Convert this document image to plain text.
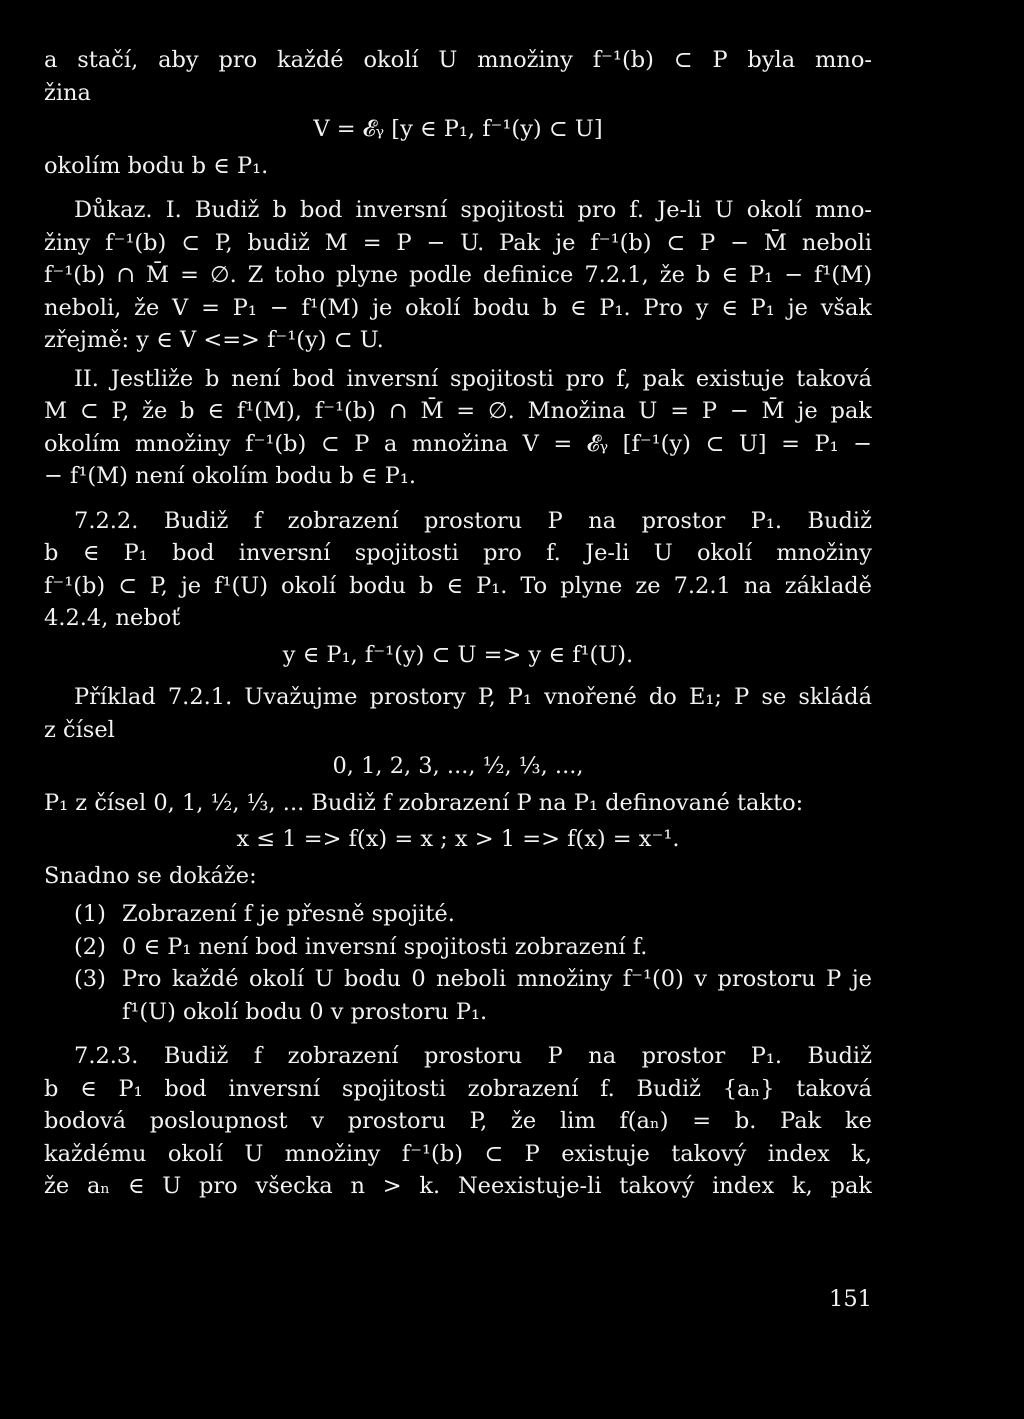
a stačí, aby pro každé okolí U množiny f⁻¹(b) ⊂ P byla mno-
žina
V = 𝓔ᵧ [y ∈ P₁, f⁻¹(y) ⊂ U]
okolím bodu b ∈ P₁.
Důkaz. I. Budiž b bod inversní spojitosti pro f. Je-li U okolí mno-
žiny f⁻¹(b) ⊂ P, budiž M = P − U. Pak je f⁻¹(b) ⊂ P − M̄ neboli
f⁻¹(b) ∩ M̄ = ∅. Z toho plyne podle definice 7.2.1, že b ∈ P₁ − f¹(M)
neboli, že V = P₁ − f¹(M) je okolí bodu b ∈ P₁. Pro y ∈ P₁ je však
zřejmě: y ∈ V <=> f⁻¹(y) ⊂ U.
II. Jestliže b není bod inversní spojitosti pro f, pak existuje taková
M ⊂ P, že b ∈ f¹(M), f⁻¹(b) ∩ M̄ = ∅. Množina U = P − M̄ je pak
okolím množiny f⁻¹(b) ⊂ P a množina V = 𝓔ᵧ [f⁻¹(y) ⊂ U] = P₁ −
− f¹(M) není okolím bodu b ∈ P₁.
7.2.2. Budiž f zobrazení prostoru P na prostor P₁. Budiž
b ∈ P₁ bod inversní spojitosti pro f. Je-li U okolí množiny
f⁻¹(b) ⊂ P, je f¹(U) okolí bodu b ∈ P₁. To plyne ze 7.2.1 na základě
4.2.4, neboť
y ∈ P₁, f⁻¹(y) ⊂ U => y ∈ f¹(U).
Příklad 7.2.1. Uvažujme prostory P, P₁ vnořené do E₁; P se skládá
z čísel
0, 1, 2, 3, ..., ½, ⅓, ...,
P₁ z čísel 0, 1, ½, ⅓, ... Budiž f zobrazení P na P₁ definované takto:
x ≤ 1 => f(x) = x ; x > 1 => f(x) = x⁻¹.
Snadno se dokáže:
(1) Zobrazení f je přesně spojité.
(2) 0 ∈ P₁ není bod inversní spojitosti zobrazení f.
(3) Pro každé okolí U bodu 0 neboli množiny f⁻¹(0) v prostoru P je
f¹(U) okolí bodu 0 v prostoru P₁.
7.2.3. Budiž f zobrazení prostoru P na prostor P₁. Budiž
b ∈ P₁ bod inversní spojitosti zobrazení f. Budiž {aₙ} taková
bodová posloupnost v prostoru P, že lim f(aₙ) = b. Pak ke
každému okolí U množiny f⁻¹(b) ⊂ P existuje takový index k,
že aₙ ∈ U pro všecka n > k. Neexistuje-li takový index k, pak
151
